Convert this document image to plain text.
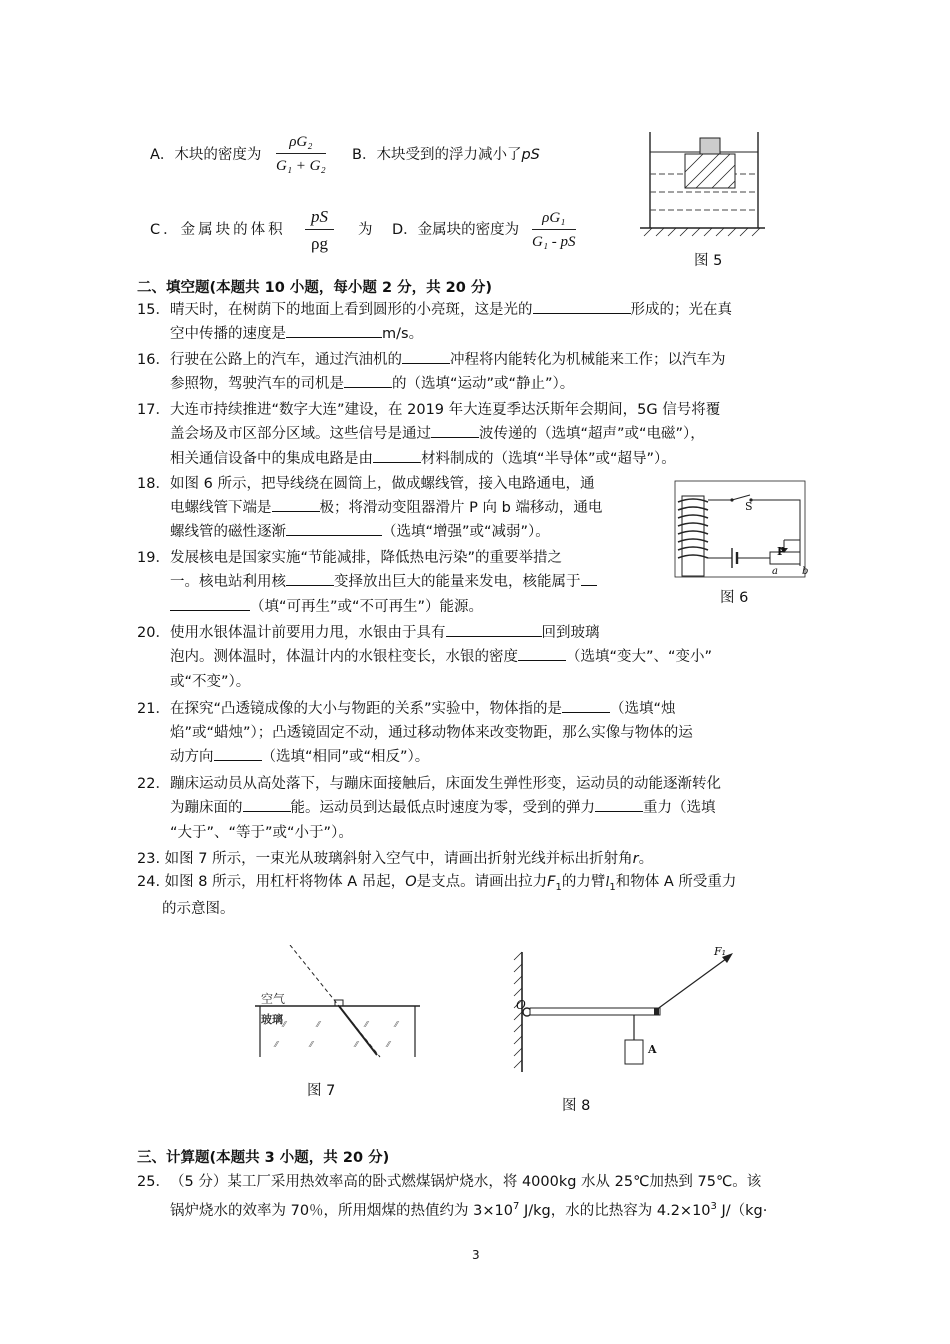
A．木块的密度为 $\frac{\text{ρG₂}}{\text{G₁ + G₂}}$ B．木块受到的浮力减小了pS
C．金属块的体积 $\frac{pS}{\rho g}$ 为 D．金属块的密度为 $\frac{\text{ρG₁}}{\text{G₁ - pS}}$
图 5
二、填空题(本题共 10 小题，每小题 2 分，共 20 分)
15． 晴天时，在树荫下的地面上看到圆形的小亮斑，这是光的	形成的；光在真
空中传播的速度是	m/s。
16． 行驶在公路上的汽车，通过汽油机的	冲程将内能转化为机械能来工作；以汽车为
参照物，驾驶汽车的司机是	的（选填“运动”或“静止”）。
17． 大连市持续推进“数字大连”建设，在 2019 年大连夏季达沃斯年会期间，5G 信号将覆
盖会场及市区部分区域。这些信号是通过	波传递的（选填“超声”或“电磁”），
相关通信设备中的集成电路是由	材料制成的（选填“半导体”或“超导”）。
18． 如图 6 所示，把导线绕在圆筒上，做成螺线管，接入电路通电，通
电螺线管下端是	极；将滑动变阻器滑片 P 向 b 端移动，通电
螺线管的磁性逐渐	（选填“增强”或“减弱”）。
19． 发展核电是国家实施“节能减排，降低热电污染”的重要举措之
一。核电站利用核	变择放出巨大的能量来发电，核能属于
（填“可再生”或“不可再生”）能源。
S
P
a b
图 6
20． 使用水银体温计前要用力甩，水银由于具有	回到玻璃
泡内。测体温时，体温计内的水银柱变长，水银的密度	（选填“变大”、“变小”
或“不变”）。
21． 在探究“凸透镜成像的大小与物距的关系”实验中，物体指的是	（选填“烛
焰”或“蜡烛”）；凸透镜固定不动，通过移动物体来改变物距，那么实像与物体的运
动方向	（选填“相同”或“相反”）。
22． 蹦床运动员从高处落下，与蹦床面接触后，床面发生弹性形变，运动员的动能逐渐转化
为蹦床面的	能。运动员到达最低点时速度为零，受到的弹力	重力（选填
“大于”、“等于”或“小于”）。
23. 如图 7 所示，一束光从玻璃斜射入空气中，请画出折射光线并标出折射角r。
24. 如图 8 所示，用杠杆将物体 A 吊起，O是支点。请画出拉力$F_1$的力臂$l_1$和物体 A 所受重力
的示意图。
⁄⁄	⁄⁄	⁄⁄	⁄⁄
⁄⁄	⁄⁄	⁄⁄	⁄⁄
空气
玻璃
图 7
O
F₁
A
图 8
三、计算题(本题共 3 小题，共 20 分)
25． （5 分）某工厂采用热效率高的卧式燃煤锅炉烧水，将 4000kg 水从 25℃加热到 75℃。该
锅炉烧水的效率为 70％，所用烟煤的热值约为 $3\times 10^7$ J/kg，水的比热容为 $4.2\times 10^3$ J/（kg·
3
